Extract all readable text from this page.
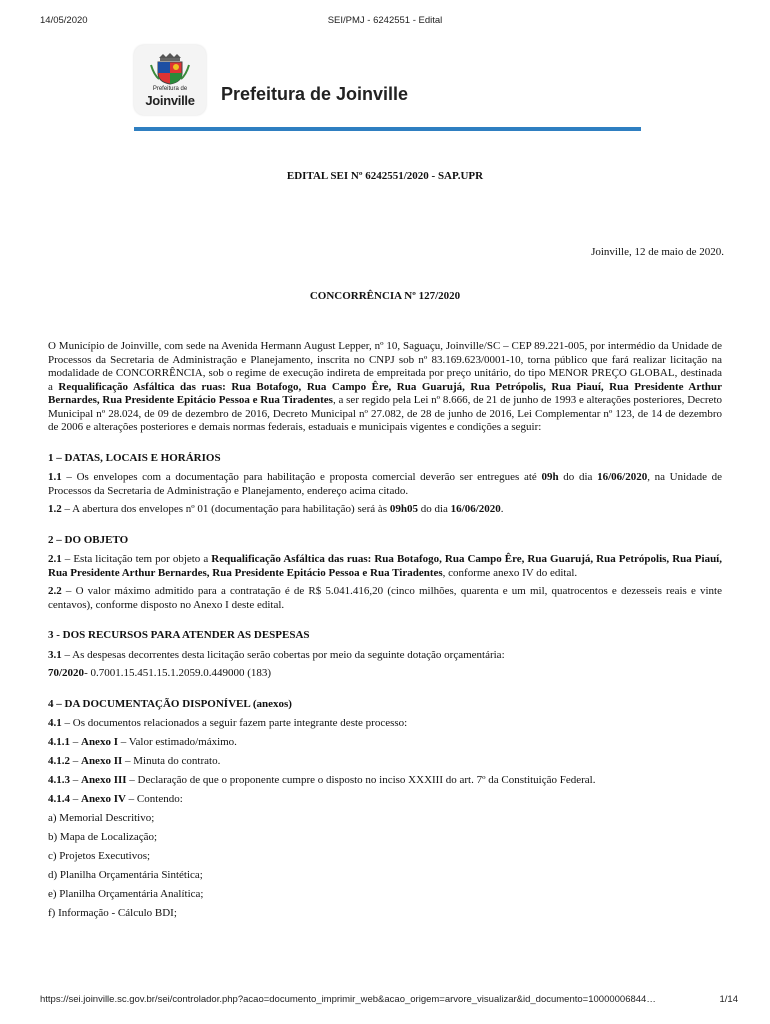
14/05/2020	SEI/PMJ - 6242551 - Edital
Prefeitura de
Joinville	Prefeitura de Joinville
EDITAL SEI Nº 6242551/2020 - SAP.UPR
Joinville, 12 de maio de 2020.
CONCORRÊNCIA Nº 127/2020

O Município de Joinville, com sede na Avenida Hermann August Lepper, nº 10, Saguaçu, Joinville/SC – CEP 89.221-005, por intermédio da Unidade de Processos da Secretaria de Administração e Planejamento, inscrita no CNPJ sob nº 83.169.623/0001-10, torna público que fará realizar licitação na modalidade de CONCORRÊNCIA, sob o regime de execução indireta de empreitada por preço unitário, do tipo MENOR PREÇO GLOBAL, destinada a Requalificação Asfáltica das ruas: Rua Botafogo, Rua Campo Êre, Rua Guarujá, Rua Petrópolis, Rua Piauí, Rua Presidente Arthur Bernardes, Rua Presidente Epitácio Pessoa e Rua Tiradentes, a ser regido pela Lei nº 8.666, de 21 de junho de 1993 e alterações posteriores, Decreto Municipal nº 28.024, de 09 de dezembro de 2016, Decreto Municipal nº 27.082, de 28 de junho de 2016, Lei Complementar nº 123, de 14 de dezembro de 2006 e alterações posteriores e demais normas federais, estaduais e municipais vigentes e condições a seguir:

1 – DATAS, LOCAIS E HORÁRIOS

1.1 – Os envelopes com a documentação para habilitação e proposta comercial deverão ser entregues até 09h do dia 16/06/2020, na Unidade de Processos da Secretaria de Administração e Planejamento, endereço acima citado.

1.2 – A abertura dos envelopes nº 01 (documentação para habilitação) será às 09h05 do dia 16/06/2020.

2 – DO OBJETO

2.1 – Esta licitação tem por objeto a Requalificação Asfáltica das ruas: Rua Botafogo, Rua Campo Êre, Rua Guarujá, Rua Petrópolis, Rua Piauí, Rua Presidente Arthur Bernardes, Rua Presidente Epitácio Pessoa e Rua Tiradentes, conforme anexo IV do edital.

2.2 – O valor máximo admitido para a contratação é de R$ 5.041.416,20 (cinco milhões, quarenta e um mil, quatrocentos e dezesseis reais e vinte centavos), conforme disposto no Anexo I deste edital.

3 - DOS RECURSOS PARA ATENDER AS DESPESAS

3.1 – As despesas decorrentes desta licitação serão cobertas por meio da seguinte dotação orçamentária:

70/2020- 0.7001.15.451.15.1.2059.0.449000 (183)

4 – DA DOCUMENTAÇÃO DISPONÍVEL (anexos)

4.1 – Os documentos relacionados a seguir fazem parte integrante deste processo:

4.1.1 – Anexo I – Valor estimado/máximo.

4.1.2 – Anexo II – Minuta do contrato.

4.1.3 – Anexo III – Declaração de que o proponente cumpre o disposto no inciso XXXIII do art. 7º da Constituição Federal.

4.1.4 – Anexo IV – Contendo:

a) Memorial Descritivo;

b) Mapa de Localização;

c) Projetos Executivos;

d) Planilha Orçamentária Sintética;

e) Planilha Orçamentária Analítica;

f) Informação - Cálculo BDI;

https://sei.joinville.sc.gov.br/sei/controlador.php?acao=documento_imprimir_web&acao_origem=arvore_visualizar&id_documento=10000006844…	1/14
